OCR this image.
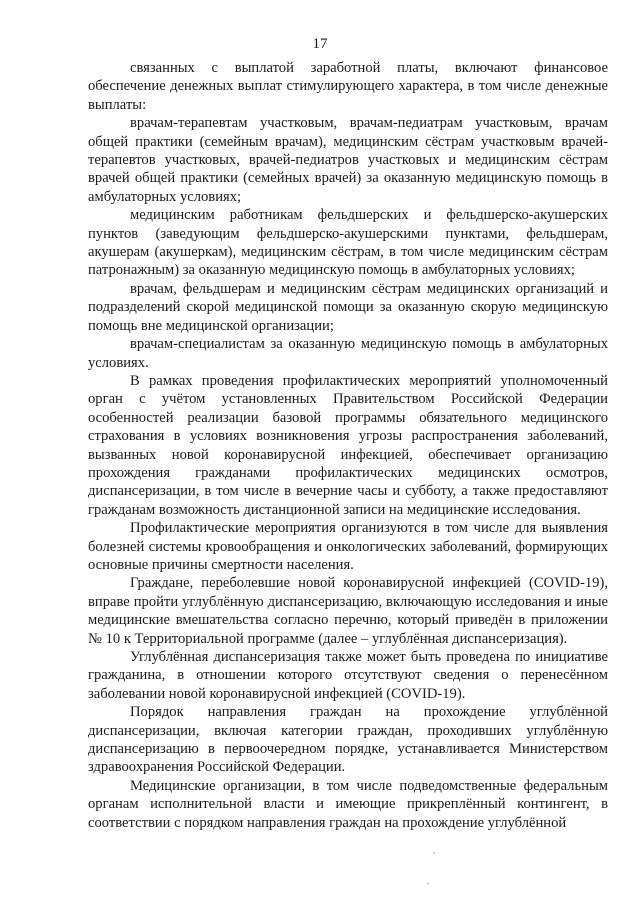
17

связанных с выплатой заработной платы, включают финансовое обеспечение денежных выплат стимулирующего характера, в том числе денежные выплаты:

врачам-терапевтам участковым, врачам-педиатрам участковым, врачам общей практики (семейным врачам), медицинским сёстрам участковым врачей-терапевтов участковых, врачей-педиатров участковых и медицинским сёстрам врачей общей практики (семейных врачей) за оказанную медицинскую помощь в амбулаторных условиях;

медицинским работникам фельдшерских и фельдшерско-акушерских пунктов (заведующим фельдшерско-акушерскими пунктами, фельдшерам, акушерам (акушеркам), медицинским сёстрам, в том числе медицинским сёстрам патронажным) за оказанную медицинскую помощь в амбулаторных условиях;

врачам, фельдшерам и медицинским сёстрам медицинских организаций и подразделений скорой медицинской помощи за оказанную скорую медицинскую помощь вне медицинской организации;

врачам-специалистам за оказанную медицинскую помощь в амбулаторных условиях.

В рамках проведения профилактических мероприятий уполномоченный орган с учётом установленных Правительством Российской Федерации особенностей реализации базовой программы обязательного медицинского страхования в условиях возникновения угрозы распространения заболеваний, вызванных новой коронавирусной инфекцией, обеспечивает организацию прохождения гражданами профилактических медицинских осмотров, диспансеризации, в том числе в вечерние часы и субботу, а также предоставляют гражданам возможность дистанционной записи на медицинские исследования.

Профилактические мероприятия организуются в том числе для выявления болезней системы кровообращения и онкологических заболеваний, формирующих основные причины смертности населения.

Граждане, переболевшие новой коронавирусной инфекцией (COVID-19), вправе пройти углублённую диспансеризацию, включающую исследования и иные медицинские вмешательства согласно перечню, который приведён в приложении № 10 к Территориальной программе (далее – углублённая диспансеризация).

Углублённая диспансеризация также может быть проведена по инициативе гражданина, в отношении которого отсутствуют сведения о перенесённом заболевании новой коронавирусной инфекцией (COVID-19).

Порядок направления граждан на прохождение углублённой диспансеризации, включая категории граждан, проходивших углублённую диспансеризацию в первоочередном порядке, устанавливается Министерством здравоохранения Российской Федерации.

Медицинские организации, в том числе подведомственные федеральным органам исполнительной власти и имеющие прикреплённый контингент, в соответствии с порядком направления граждан на прохождение углублённой

`
ˎ
